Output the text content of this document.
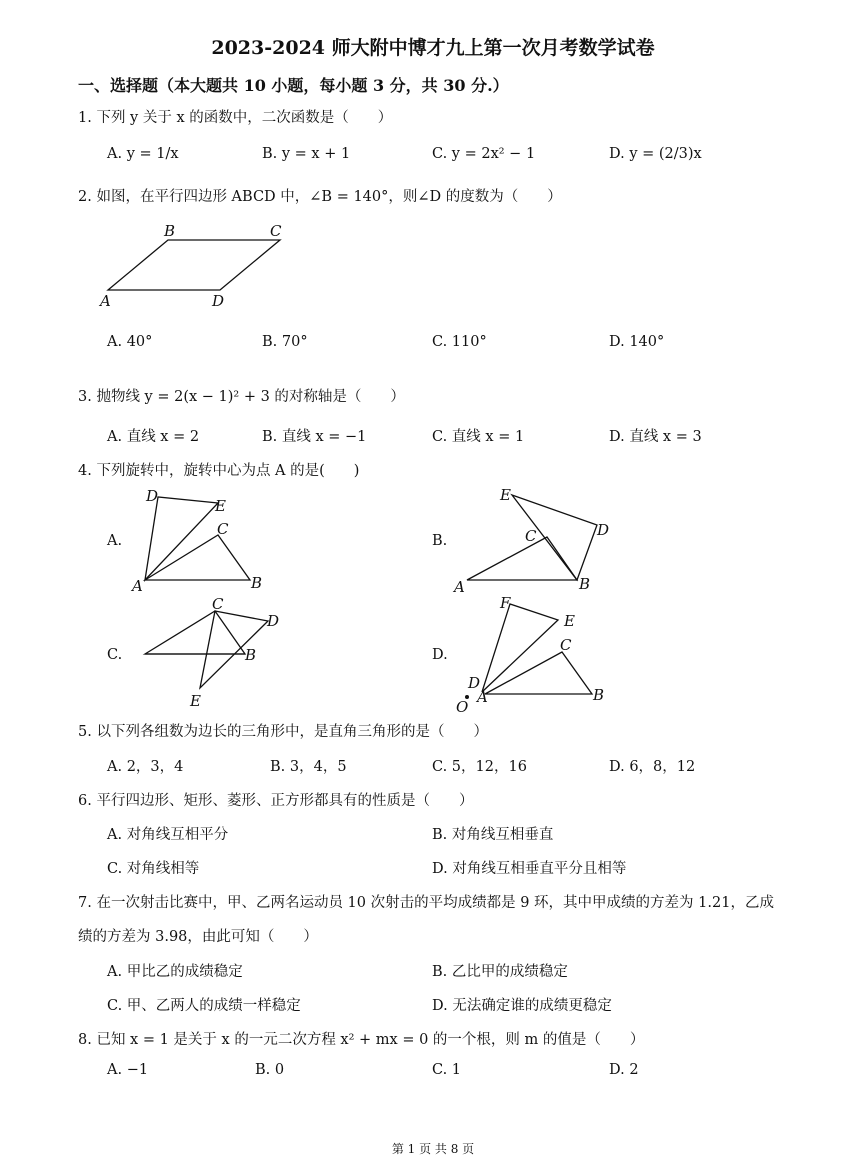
2023-2024 师大附中博才九上第一次月考数学试卷
一、选择题（本大题共 10 小题，每小题 3 分，共 30 分.）
1. 下列 y 关于 x 的函数中，二次函数是（　　）
A. y = 1/x	B. y = x + 1	C. y = 2x² − 1	D. y = (2/3)x
2. 如图，在平行四边形 ABCD 中，∠B = 140°，则∠D 的度数为（　　）
B	C
A	D
A. 40°	B. 70°	C. 110°	D. 140°
3. 抛物线 y = 2(x − 1)² + 3 的对称轴是（　　）
A. 直线 x = 2	B. 直线 x = −1	C. 直线 x = 1	D. 直线 x = 3
4. 下列旋转中，旋转中心为点 A 的是(　　)
A.	B.
C.	D.
D
E
C
A	B
E
D
C
A	B
C
D
B
E
F
E
C
D
A	B
O
5. 以下列各组数为边长的三角形中，是直角三角形的是（　　）
A. 2，3，4	B. 3，4，5	C. 5，12，16	D. 6，8，12
6. 平行四边形、矩形、菱形、正方形都具有的性质是（　　）
A. 对角线互相平分	B. 对角线互相垂直
C. 对角线相等	D. 对角线互相垂直平分且相等
7. 在一次射击比赛中，甲、乙两名运动员 10 次射击的平均成绩都是 9 环，其中甲成绩的方差为 1.21，乙成
绩的方差为 3.98，由此可知（　　）
A. 甲比乙的成绩稳定	B. 乙比甲的成绩稳定
C. 甲、乙两人的成绩一样稳定	D. 无法确定谁的成绩更稳定
8. 已知 x = 1 是关于 x 的一元二次方程 x² + mx = 0 的一个根，则 m 的值是（　　）
A. −1	B. 0	C. 1	D. 2
第 1 页 共 8 页
